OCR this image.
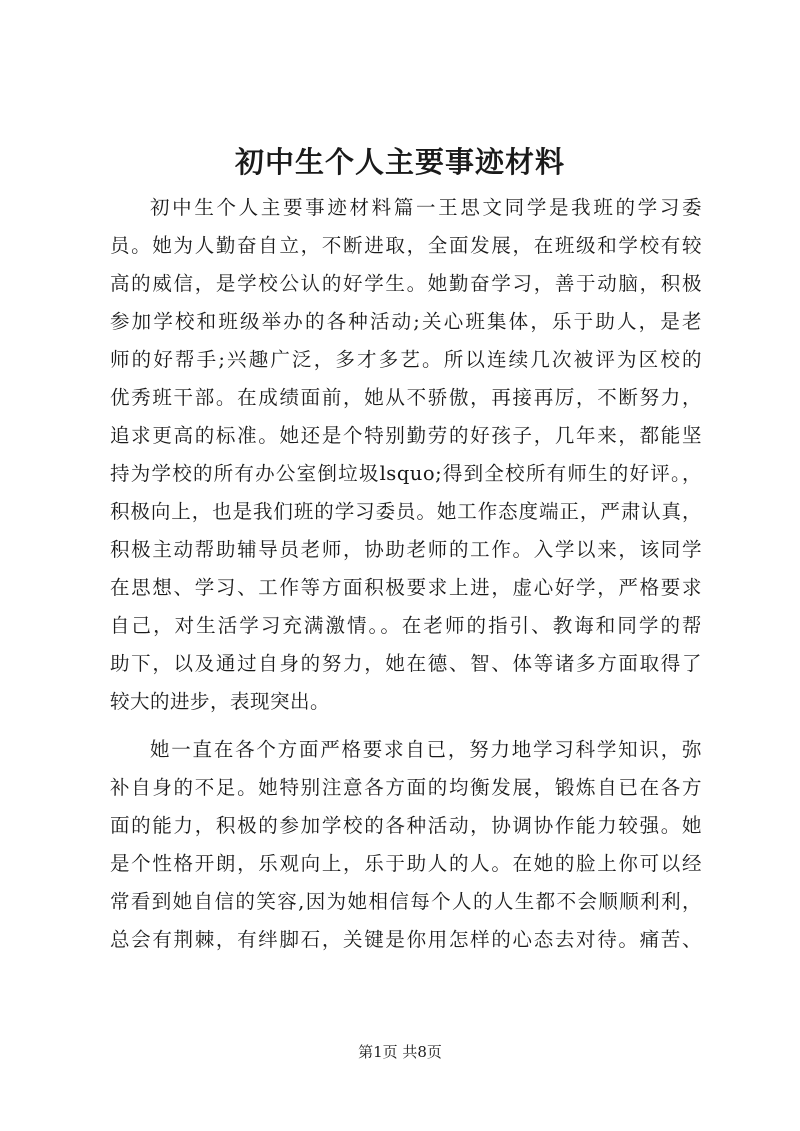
初中生个人主要事迹材料
初中生个人主要事迹材料篇一王思文同学是我班的学习委
员。她为人勤奋自立，不断进取，全面发展，在班级和学校有较
高的威信，是学校公认的好学生。她勤奋学习，善于动脑，积极
参加学校和班级举办的各种活动;关心班集体，乐于助人，是老
师的好帮手;兴趣广泛，多才多艺。所以连续几次被评为区校的
优秀班干部。在成绩面前，她从不骄傲，再接再厉，不断努力，
追求更高的标准。她还是个特别勤劳的好孩子，几年来，都能坚
持为学校的所有办公室倒垃圾lsquo;得到全校所有师生的好评。，
积极向上，也是我们班的学习委员。她工作态度端正，严肃认真，
积极主动帮助辅导员老师，协助老师的工作。入学以来，该同学
在思想、学习、工作等方面积极要求上进，虚心好学，严格要求
自己，对生活学习充满激情。。在老师的指引、教诲和同学的帮
助下，以及通过自身的努力，她在德、智、体等诸多方面取得了
较大的进步，表现突出。
她一直在各个方面严格要求自已，努力地学习科学知识，弥
补自身的不足。她特别注意各方面的均衡发展，锻炼自已在各方
面的能力，积极的参加学校的各种活动，协调协作能力较强。她
是个性格开朗，乐观向上，乐于助人的人。在她的脸上你可以经
常看到她自信的笑容,因为她相信每个人的人生都不会顺顺利利，
总会有荆棘，有绊脚石，关键是你用怎样的心态去对待。痛苦、
第1页 共8页
